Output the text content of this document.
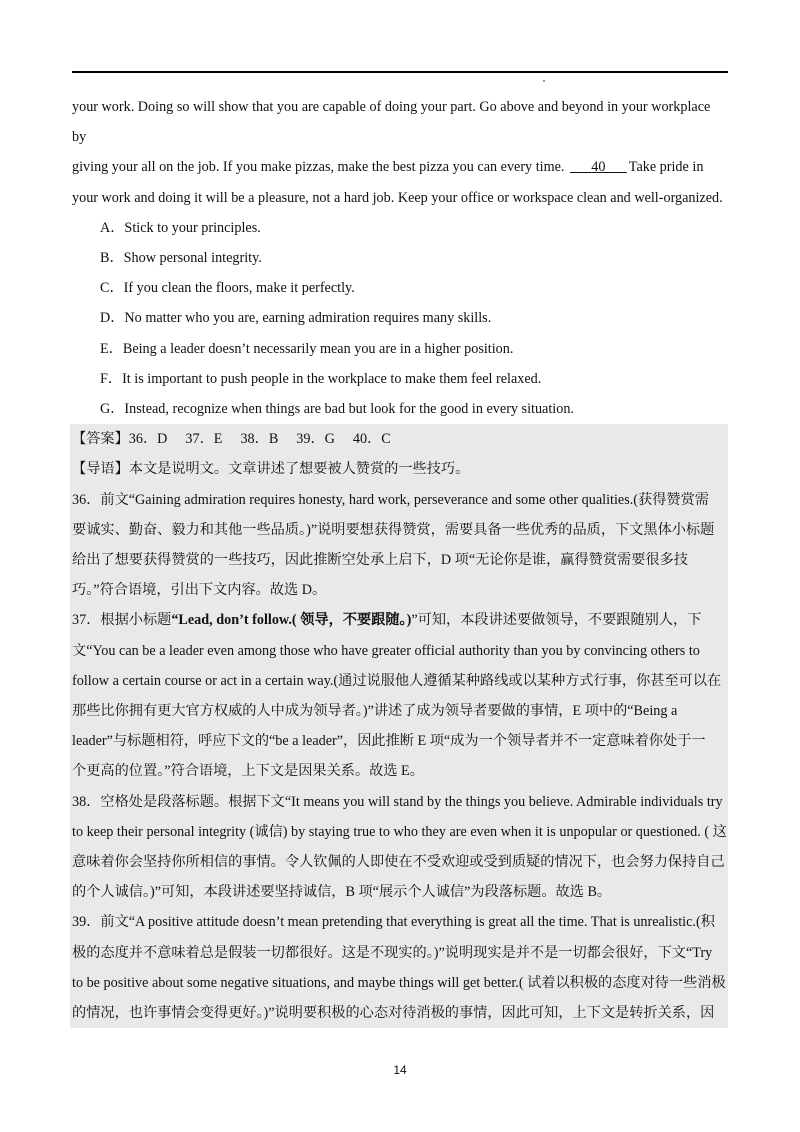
your work. Doing so will show that you are capable of doing your part. Go above and beyond in your workplace by

giving your all on the job. If you make pizzas, make the best pizza you can every time. 40 Take pride in

your work and doing it will be a pleasure, not a hard job. Keep your office or workspace clean and well-organized.

A．Stick to your principles.

B．Show personal integrity.

C．If you clean the floors, make it perfectly.

D．No matter who you are, earning admiration requires many skills.

E．Being a leader doesn’t necessarily mean you are in a higher position.

F．It is important to push people in the workplace to make them feel relaxed.

G．Instead, recognize when things are bad but look for the good in every situation.

【答案】36．D 37．E 38．B 39．G 40．C

【导语】本文是说明文。文章讲述了想要被人赞赏的一些技巧。

36．前文“Gaining admiration requires honesty, hard work, perseverance and some other qualities.(获得赞赏需

要诚实、勤奋、毅力和其他一些品质。)”说明要想获得赞赏，需要具备一些优秀的品质，下文黑体小标题

给出了想要获得赞赏的一些技巧，因此推断空处承上启下，D 项“无论你是谁，赢得赞赏需要很多技

巧。”符合语境，引出下文内容。故选 D。

37．根据小标题“Lead, don’t follow.( 领导，不要跟随。)”可知，本段讲述要做领导，不要跟随别人，下

文“You can be a leader even among those who have greater official authority than you by convincing others to

follow a certain course or act in a certain way.(通过说服他人遵循某种路线或以某种方式行事，你甚至可以在

那些比你拥有更大官方权威的人中成为领导者。)”讲述了成为领导者要做的事情，E 项中的“Being a

leader”与标题相符，呼应下文的“be a leader”，因此推断 E 项“成为一个领导者并不一定意味着你处于一

个更高的位置。”符合语境，上下文是因果关系。故选 E。

38．空格处是段落标题。根据下文“It means you will stand by the things you believe. Admirable individuals try

to keep their personal integrity (诚信) by staying true to who they are even when it is unpopular or questioned. ( 这

意味着你会坚持你所相信的事情。令人钦佩的人即使在不受欢迎或受到质疑的情况下，也会努力保持自己

的个人诚信。)”可知，本段讲述要坚持诚信，B 项“展示个人诚信”为段落标题。故选 B。

39．前文“A positive attitude doesn’t mean pretending that everything is great all the time. That is unrealistic.(积

极的态度并不意味着总是假装一切都很好。这是不现实的。)”说明现实是并不是一切都会很好，下文“Try

to be positive about some negative situations, and maybe things will get better.( 试着以积极的态度对待一些消极

的情况，也许事情会变得更好。)”说明要积极的心态对待消极的事情，因此可知，上下文是转折关系，因

14
